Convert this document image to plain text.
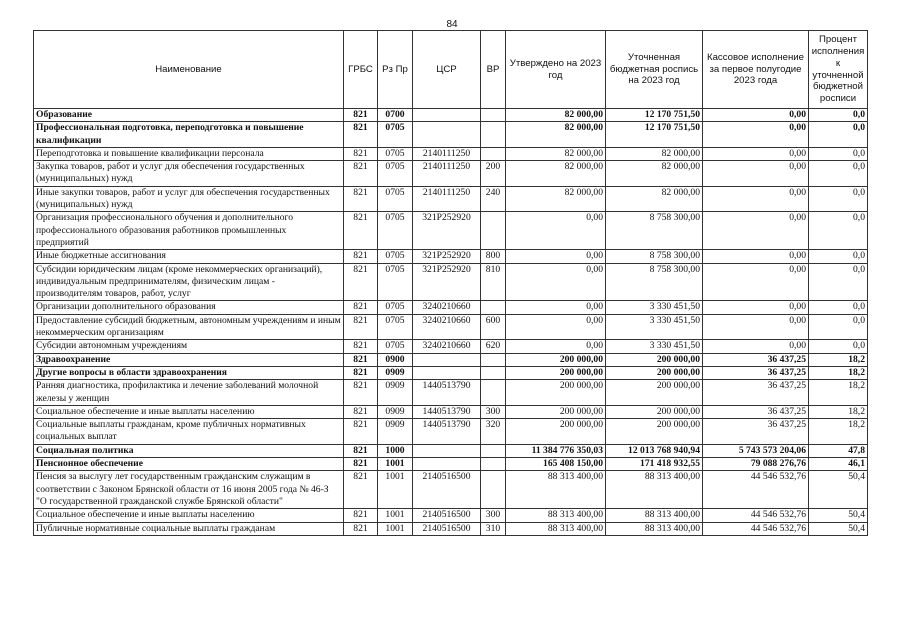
84
Наименование	ГРБС	Рз Пр	ЦСР	ВР	Утверждено на 2023 год	Уточненная бюджетная роспись на 2023 год	Кассовое исполнение за первое полугодие 2023 года	Процент исполнения к уточненной бюджетной росписи
Образование	821	0700			82 000,00	12 170 751,50	0,00	0,0
Профессиональная подготовка, переподготовка и повышение квалификации	821	0705			82 000,00	12 170 751,50	0,00	0,0
Переподготовка и повышение квалификации персонала	821	0705	2140111250		82 000,00	82 000,00	0,00	0,0
Закупка товаров, работ и услуг для обеспечения государственных (муниципальных) нужд	821	0705	2140111250	200	82 000,00	82 000,00	0,00	0,0
Иные закупки товаров, работ и услуг для обеспечения государственных (муниципальных) нужд	821	0705	2140111250	240	82 000,00	82 000,00	0,00	0,0
Организация профессионального обучения и дополнительного профессионального образования работников промышленных предприятий	821	0705	321Р252920		0,00	8 758 300,00	0,00	0,0
Иные бюджетные ассигнования	821	0705	321Р252920	800	0,00	8 758 300,00	0,00	0,0
Субсидии юридическим лицам (кроме некоммерческих организаций), индивидуальным предпринимателям, физическим лицам - производителям товаров, работ, услуг	821	0705	321Р252920	810	0,00	8 758 300,00	0,00	0,0
Организации дополнительного образования	821	0705	3240210660		0,00	3 330 451,50	0,00	0,0
Предоставление субсидий бюджетным, автономным учреждениям и иным некоммерческим организациям	821	0705	3240210660	600	0,00	3 330 451,50	0,00	0,0
Субсидии автономным учреждениям	821	0705	3240210660	620	0,00	3 330 451,50	0,00	0,0
Здравоохранение	821	0900			200 000,00	200 000,00	36 437,25	18,2
Другие вопросы в области здравоохранения	821	0909			200 000,00	200 000,00	36 437,25	18,2
Ранняя диагностика, профилактика и лечение заболеваний молочной железы у женщин	821	0909	1440513790		200 000,00	200 000,00	36 437,25	18,2
Социальное обеспечение и иные выплаты населению	821	0909	1440513790	300	200 000,00	200 000,00	36 437,25	18,2
Социальные выплаты гражданам, кроме публичных нормативных социальных выплат	821	0909	1440513790	320	200 000,00	200 000,00	36 437,25	18,2
Социальная политика	821	1000			11 384 776 350,03	12 013 768 940,94	5 743 573 204,06	47,8
Пенсионное обеспечение	821	1001			165 408 150,00	171 418 932,55	79 088 276,76	46,1
Пенсия за выслугу лет государственным гражданским служащим в соответствии с Законом Брянской области от 16 июня 2005 года № 46-З "О государственной гражданской службе Брянской области"	821	1001	2140516500		88 313 400,00	88 313 400,00	44 546 532,76	50,4
Социальное обеспечение и иные выплаты населению	821	1001	2140516500	300	88 313 400,00	88 313 400,00	44 546 532,76	50,4
Публичные нормативные социальные выплаты гражданам	821	1001	2140516500	310	88 313 400,00	88 313 400,00	44 546 532,76	50,4
